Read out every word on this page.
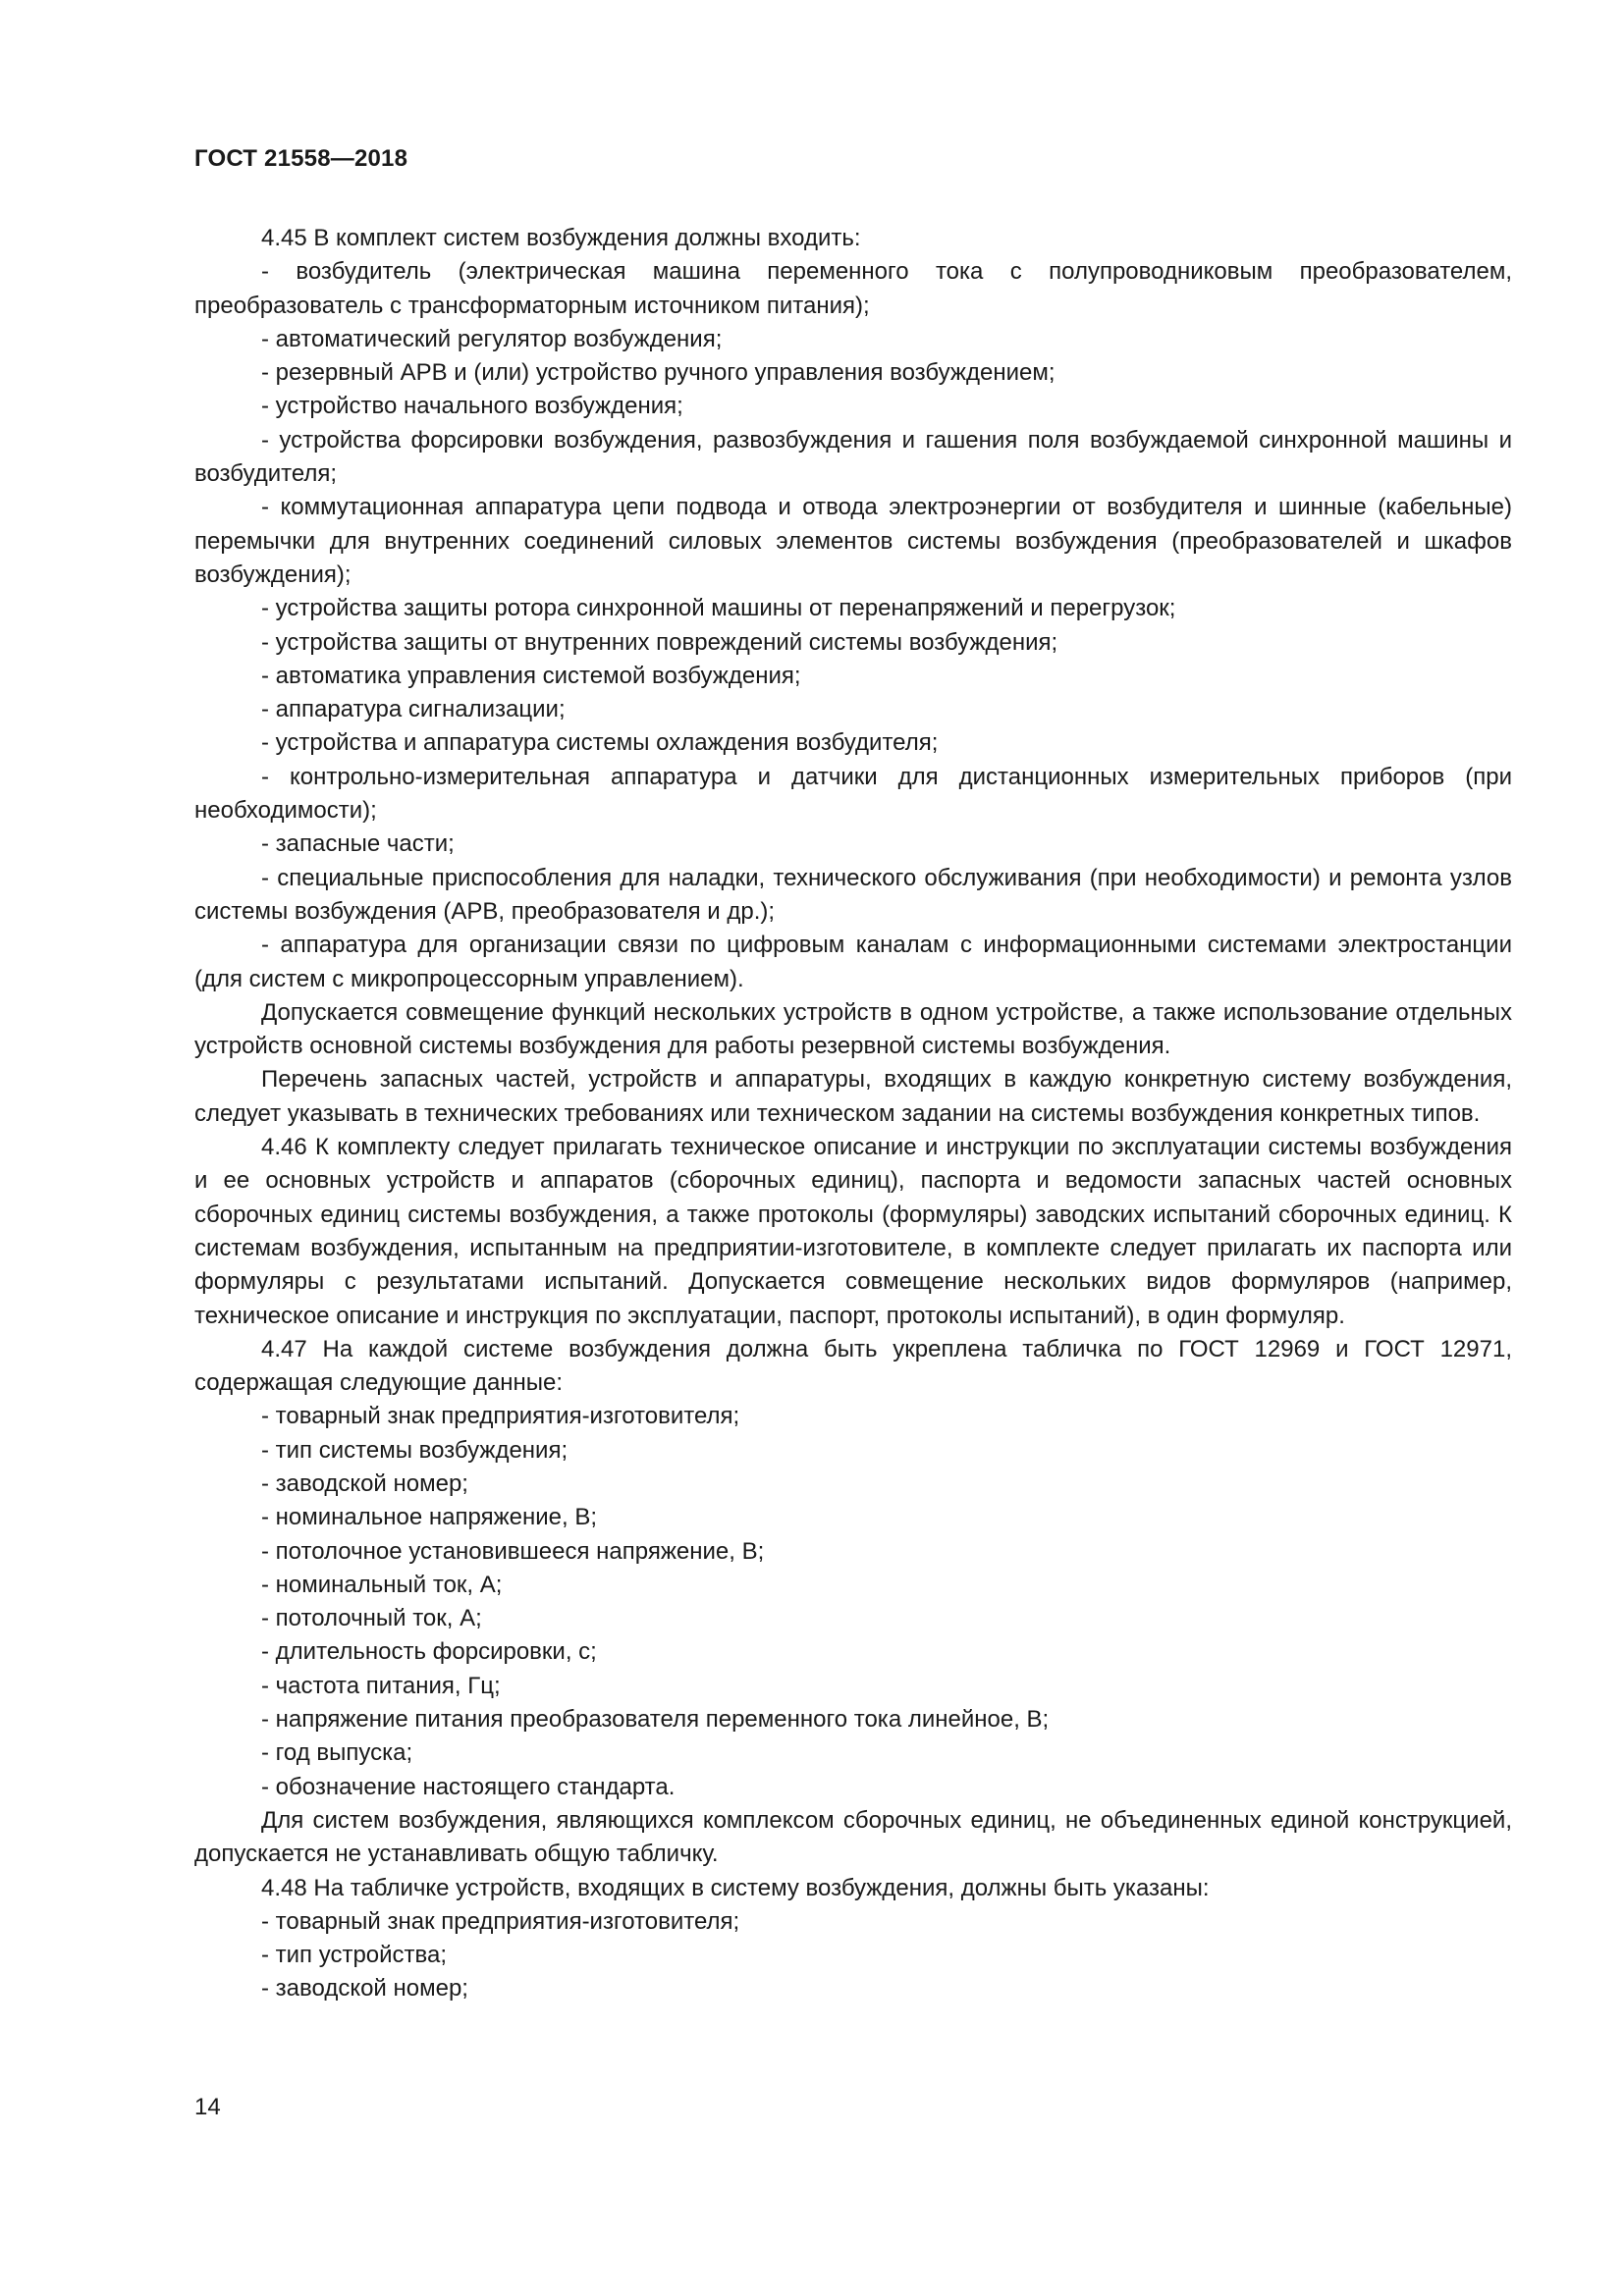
ГОСТ 21558—2018

4.45 В комплект систем возбуждения должны входить:

- возбудитель (электрическая машина переменного тока с полупроводниковым преобразователем, преобразователь с трансформаторным источником питания);

- автоматический регулятор возбуждения;

- резервный АРВ и (или) устройство ручного управления возбуждением;

- устройство начального возбуждения;

- устройства форсировки возбуждения, развозбуждения и гашения поля возбуждаемой синхронной машины и возбудителя;

- коммутационная аппаратура цепи подвода и отвода электроэнергии от возбудителя и шинные (кабельные) перемычки для внутренних соединений силовых элементов системы возбуждения (преобразователей и шкафов возбуждения);

- устройства защиты ротора синхронной машины от перенапряжений и перегрузок;

- устройства защиты от внутренних повреждений системы возбуждения;

- автоматика управления системой возбуждения;

- аппаратура сигнализации;

- устройства и аппаратура системы охлаждения возбудителя;

- контрольно-измерительная аппаратура и датчики для дистанционных измерительных приборов (при необходимости);

- запасные части;

- специальные приспособления для наладки, технического обслуживания (при необходимости) и ремонта узлов системы возбуждения (АРВ, преобразователя и др.);

- аппаратура для организации связи по цифровым каналам с информационными системами электростанции (для систем с микропроцессорным управлением).

Допускается совмещение функций нескольких устройств в одном устройстве, а также использование отдельных устройств основной системы возбуждения для работы резервной системы возбуждения.

Перечень запасных частей, устройств и аппаратуры, входящих в каждую конкретную систему возбуждения, следует указывать в технических требованиях или техническом задании на системы возбуждения конкретных типов.

4.46 К комплекту следует прилагать техническое описание и инструкции по эксплуатации системы возбуждения и ее основных устройств и аппаратов (сборочных единиц), паспорта и ведомости запасных частей основных сборочных единиц системы возбуждения, а также протоколы (формуляры) заводских испытаний сборочных единиц. К системам возбуждения, испытанным на предприятии-изготовителе, в комплекте следует прилагать их паспорта или формуляры с результатами испытаний. Допускается совмещение нескольких видов формуляров (например, техническое описание и инструкция по эксплуатации, паспорт, протоколы испытаний), в один формуляр.

4.47 На каждой системе возбуждения должна быть укреплена табличка по ГОСТ 12969 и ГОСТ 12971, содержащая следующие данные:

- товарный знак предприятия-изготовителя;

- тип системы возбуждения;

- заводской номер;

- номинальное напряжение, В;

- потолочное установившееся напряжение, В;

- номинальный ток, А;

- потолочный ток, А;

- длительность форсировки, с;

- частота питания, Гц;

- напряжение питания преобразователя переменного тока линейное, В;

- год выпуска;

- обозначение настоящего стандарта.

Для систем возбуждения, являющихся комплексом сборочных единиц, не объединенных единой конструкцией, допускается не устанавливать общую табличку.

4.48 На табличке устройств, входящих в систему возбуждения, должны быть указаны:

- товарный знак предприятия-изготовителя;

- тип устройства;

- заводской номер;

14
